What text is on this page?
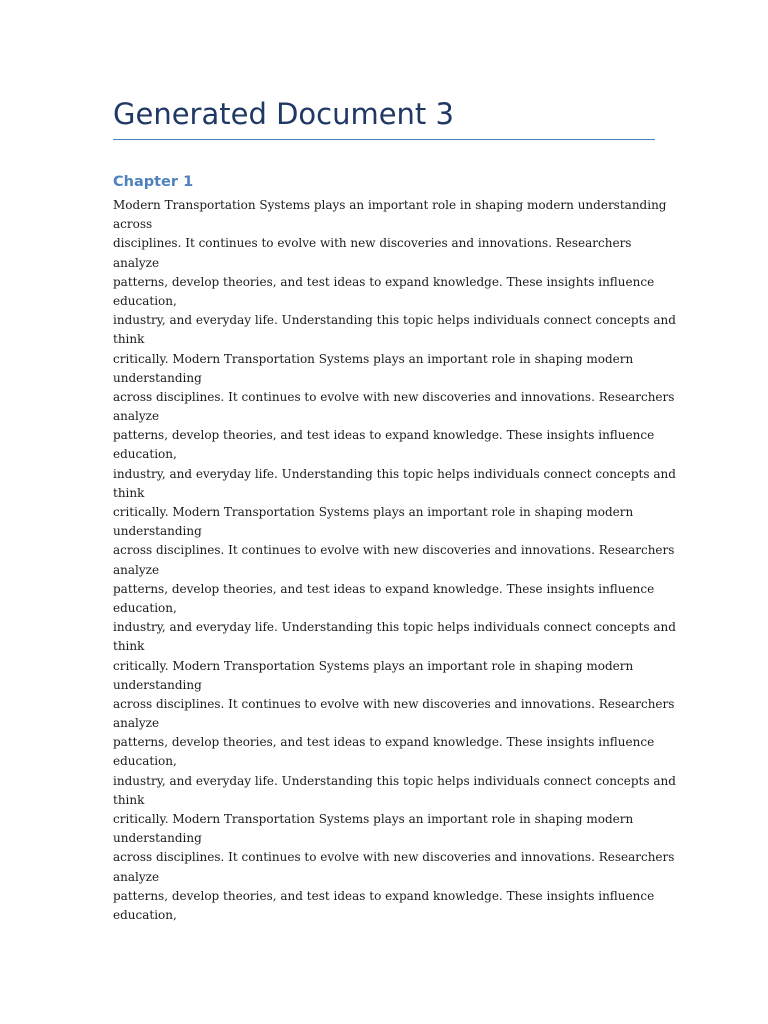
Generated Document 3
Chapter 1
Modern Transportation Systems plays an important role in shaping modern understanding
across
disciplines. It continues to evolve with new discoveries and innovations. Researchers
analyze
patterns, develop theories, and test ideas to expand knowledge. These insights influence
education,
industry, and everyday life. Understanding this topic helps individuals connect concepts and
think
critically. Modern Transportation Systems plays an important role in shaping modern
understanding
across disciplines. It continues to evolve with new discoveries and innovations. Researchers
analyze
patterns, develop theories, and test ideas to expand knowledge. These insights influence
education,
industry, and everyday life. Understanding this topic helps individuals connect concepts and
think
critically. Modern Transportation Systems plays an important role in shaping modern
understanding
across disciplines. It continues to evolve with new discoveries and innovations. Researchers
analyze
patterns, develop theories, and test ideas to expand knowledge. These insights influence
education,
industry, and everyday life. Understanding this topic helps individuals connect concepts and
think
critically. Modern Transportation Systems plays an important role in shaping modern
understanding
across disciplines. It continues to evolve with new discoveries and innovations. Researchers
analyze
patterns, develop theories, and test ideas to expand knowledge. These insights influence
education,
industry, and everyday life. Understanding this topic helps individuals connect concepts and
think
critically. Modern Transportation Systems plays an important role in shaping modern
understanding
across disciplines. It continues to evolve with new discoveries and innovations. Researchers
analyze
patterns, develop theories, and test ideas to expand knowledge. These insights influence
education,
